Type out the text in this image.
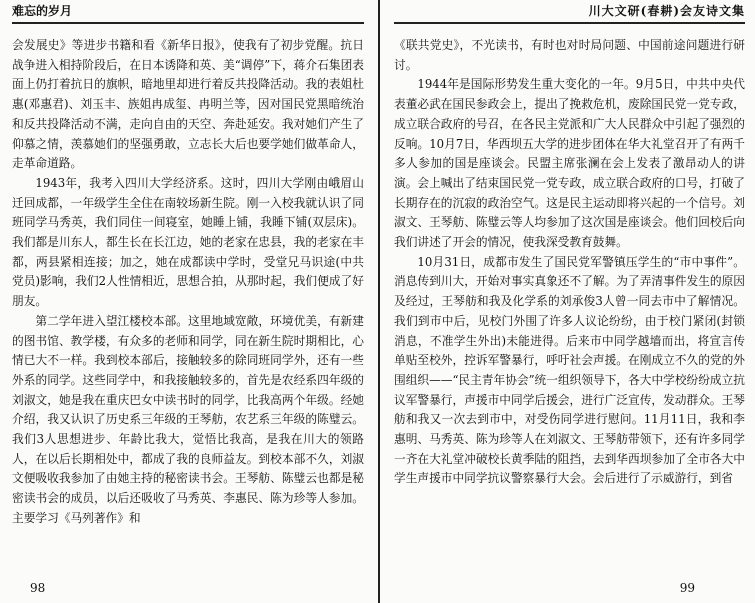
难忘的岁月

会发展史》等进步书籍和看《新华日报》，使我有了初步党醒。抗日战争进入相持阶段后，在日本诱降和英、美“调停”下，蒋介石集团表面上仍打着抗日的旗帜，暗地里却进行着反共投降活动。我的表姐杜惠(邓惠君)、刘玉丰、族姐冉成玺、冉明兰等，因对国民党黑暗统治和反共投降活动不满，走向自由的天空、奔赴延安。我对她们产生了仰慕之情，羡慕她们的坚强勇敢，立志长大后也要学她们做革命人，走革命道路。

1943年，我考入四川大学经济系。这时，四川大学刚由峨眉山迁回成都，一年级学生全住在南较场新生院。刚一入校我就认识了同班同学马秀英，我们同住一间寝室，她睡上铺，我睡下铺(双层床)。我们都是川东人，都生长在长江边，她的老家在忠县，我的老家在丰都，两县紧相连接；加之，她在成都读中学时，受堂兄马识途(中共党员)影响，我们2人性情相近，思想合拍，从那时起，我们便成了好朋友。

第二学年进入望江楼校本部。这里地域宽敞，环境优美，有新建的图书馆、教学楼，有众多的老师和同学，同在新生院时期相比，心情已大不一样。我到校本部后，接触较多的除同班同学外，还有一些外系的同学。这些同学中，和我接触较多的，首先是农经系四年级的刘淑文，她是我在重庆巴女中读书时的同学，比我高两个年级。经她介绍，我又认识了历史系三年级的王琴舫，农艺系三年级的陈璧云。我们3人思想进步、年龄比我大，觉悟比我高，是我在川大的领路人，在以后长期相处中，都成了我的良师益友。到校本部不久，刘淑文便吸收我参加了由她主持的秘密读书会。王琴舫、陈璧云也都是秘密读书会的成员，以后还吸收了马秀英、李惠民、陈为珍等人参加。主要学习《马列著作》和

98
川大文研(春耕)会友诗文集

《联共党史》，不光读书，有时也对时局问题、中国前途问题进行研讨。

1944年是国际形势发生重大变化的一年。9月5日，中共中央代表董必武在国民参政会上，提出了挽救危机，废除国民党一党专政，成立联合政府的号召，在各民主党派和广大人民群众中引起了强烈的反响。10月7日，华西坝五大学的进步团体在华大礼堂召开了有两千多人参加的国是座谈会。民盟主席张澜在会上发表了激昂动人的讲演。会上喊出了结束国民党一党专政，成立联合政府的口号，打破了长期存在的沉寂的政治空气。这是民主运动即将兴起的一个信号。刘淑文、王琴舫、陈璧云等人均参加了这次国是座谈会。他们回校后向我们讲述了开会的情况，使我深受教育鼓舞。

10月31日，成都市发生了国民党军警镇压学生的“市中事件”。消息传到川大，开始对事实真象还不了解。为了弄清事件发生的原因及经过，王琴舫和我及化学系的刘承俊3人曾一同去市中了解情况。我们到市中后，见校门外围了许多人议论纷纷，由于校门紧闭(封锁消息，不准学生外出)未能进得。后来市中同学越墙而出，将宣言传单贴至校外，控诉军警暴行，呼吁社会声援。在刚成立不久的党的外围组织——“民主青年协会”统一组织领导下，各大中学校纷纷成立抗议军警暴行，声援市中同学后援会，进行广泛宣传，发动群众。王琴舫和我又一次去到市中，对受伤同学进行慰问。11月11日，我和李惠明、马秀英、陈为珍等人在刘淑文、王琴舫带领下，还有许多同学一齐在大礼堂冲破校长黄季陆的阻挡，去到华西坝参加了全市各大中学生声援市中同学抗议警察暴行大会。会后进行了示威游行，到省

99
